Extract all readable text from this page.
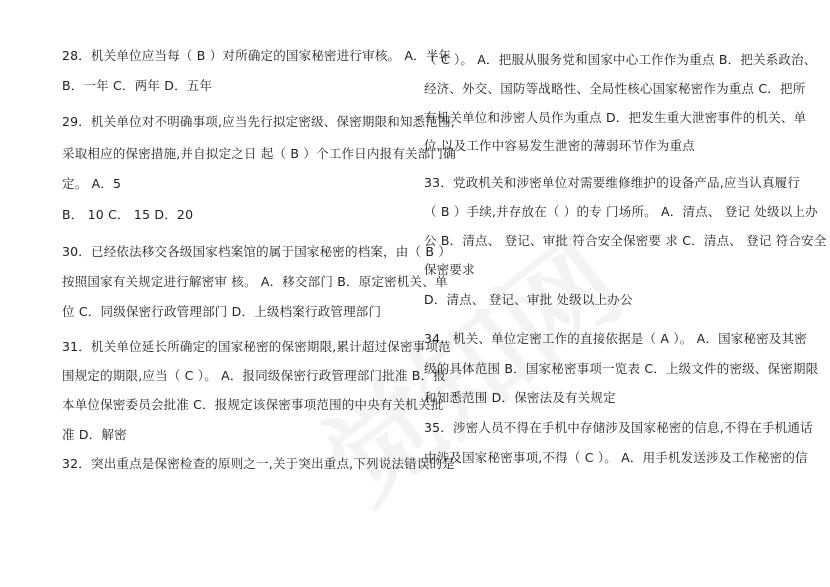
28．机关单位应当每（ B ）对所确定的国家秘密进行审核。 A．半年
B．一年 C．两年 D．五年
29．机关单位对不明确事项,应当先行拟定密级、保密期限和知悉范围,
采取相应的保密措施,并自拟定之日 起（ B ）个工作日内报有关部门确
定。 A．5
B． 10 C． 15 D．20
30．已经依法移交各级国家档案馆的属于国家秘密的档案，由（ B ）
按照国家有关规定进行解密审 核。 A．移交部门 B．原定密机关、单
位 C．同级保密行政管理部门 D．上级档案行政管理部门
31．机关单位延长所确定的国家秘密的保密期限,累计超过保密事项范
围规定的期限,应当（ C ）。 A．报同级保密行政管理部门批准 B．报
本单位保密委员会批准 C．报规定该保密事项范围的中央有关机关批
准 D．解密
32．突出重点是保密检查的原则之一,关于突出重点,下列说法错误的是
（ C ）。 A．把服从服务党和国家中心工作作为重点 B．把关系政治、
经济、外交、国防等战略性、全局性核心国家秘密作为重点 C．把所
有机关单位和涉密人员作为重点 D．把发生重大泄密事件的机关、单
位,以及工作中容易发生泄密的薄弱环节作为重点
33．党政机关和涉密单位对需要维修维护的设备产品,应当认真履行
（ B ）手续,并存放在（ ）的专 门场所。 A．清点、 登记 处级以上办
公 B．清点、 登记、审批 符合安全保密要 求 C．清点、 登记 符合安全
保密要求
D．清点、 登记、审批 处级以上办公
34．机关、单位定密工作的直接依据是（ A ）。 A．国家秘密及其密
级的具体范围 B．国家秘密事项一览表 C．上级文件的密级、保密期限
和知悉范围 D．保密法及有关规定
35．涉密人员不得在手机中存储涉及国家秘密的信息,不得在手机通话
中涉及国家秘密事项,不得（ C ）。 A．用手机发送涉及工作秘密的信
